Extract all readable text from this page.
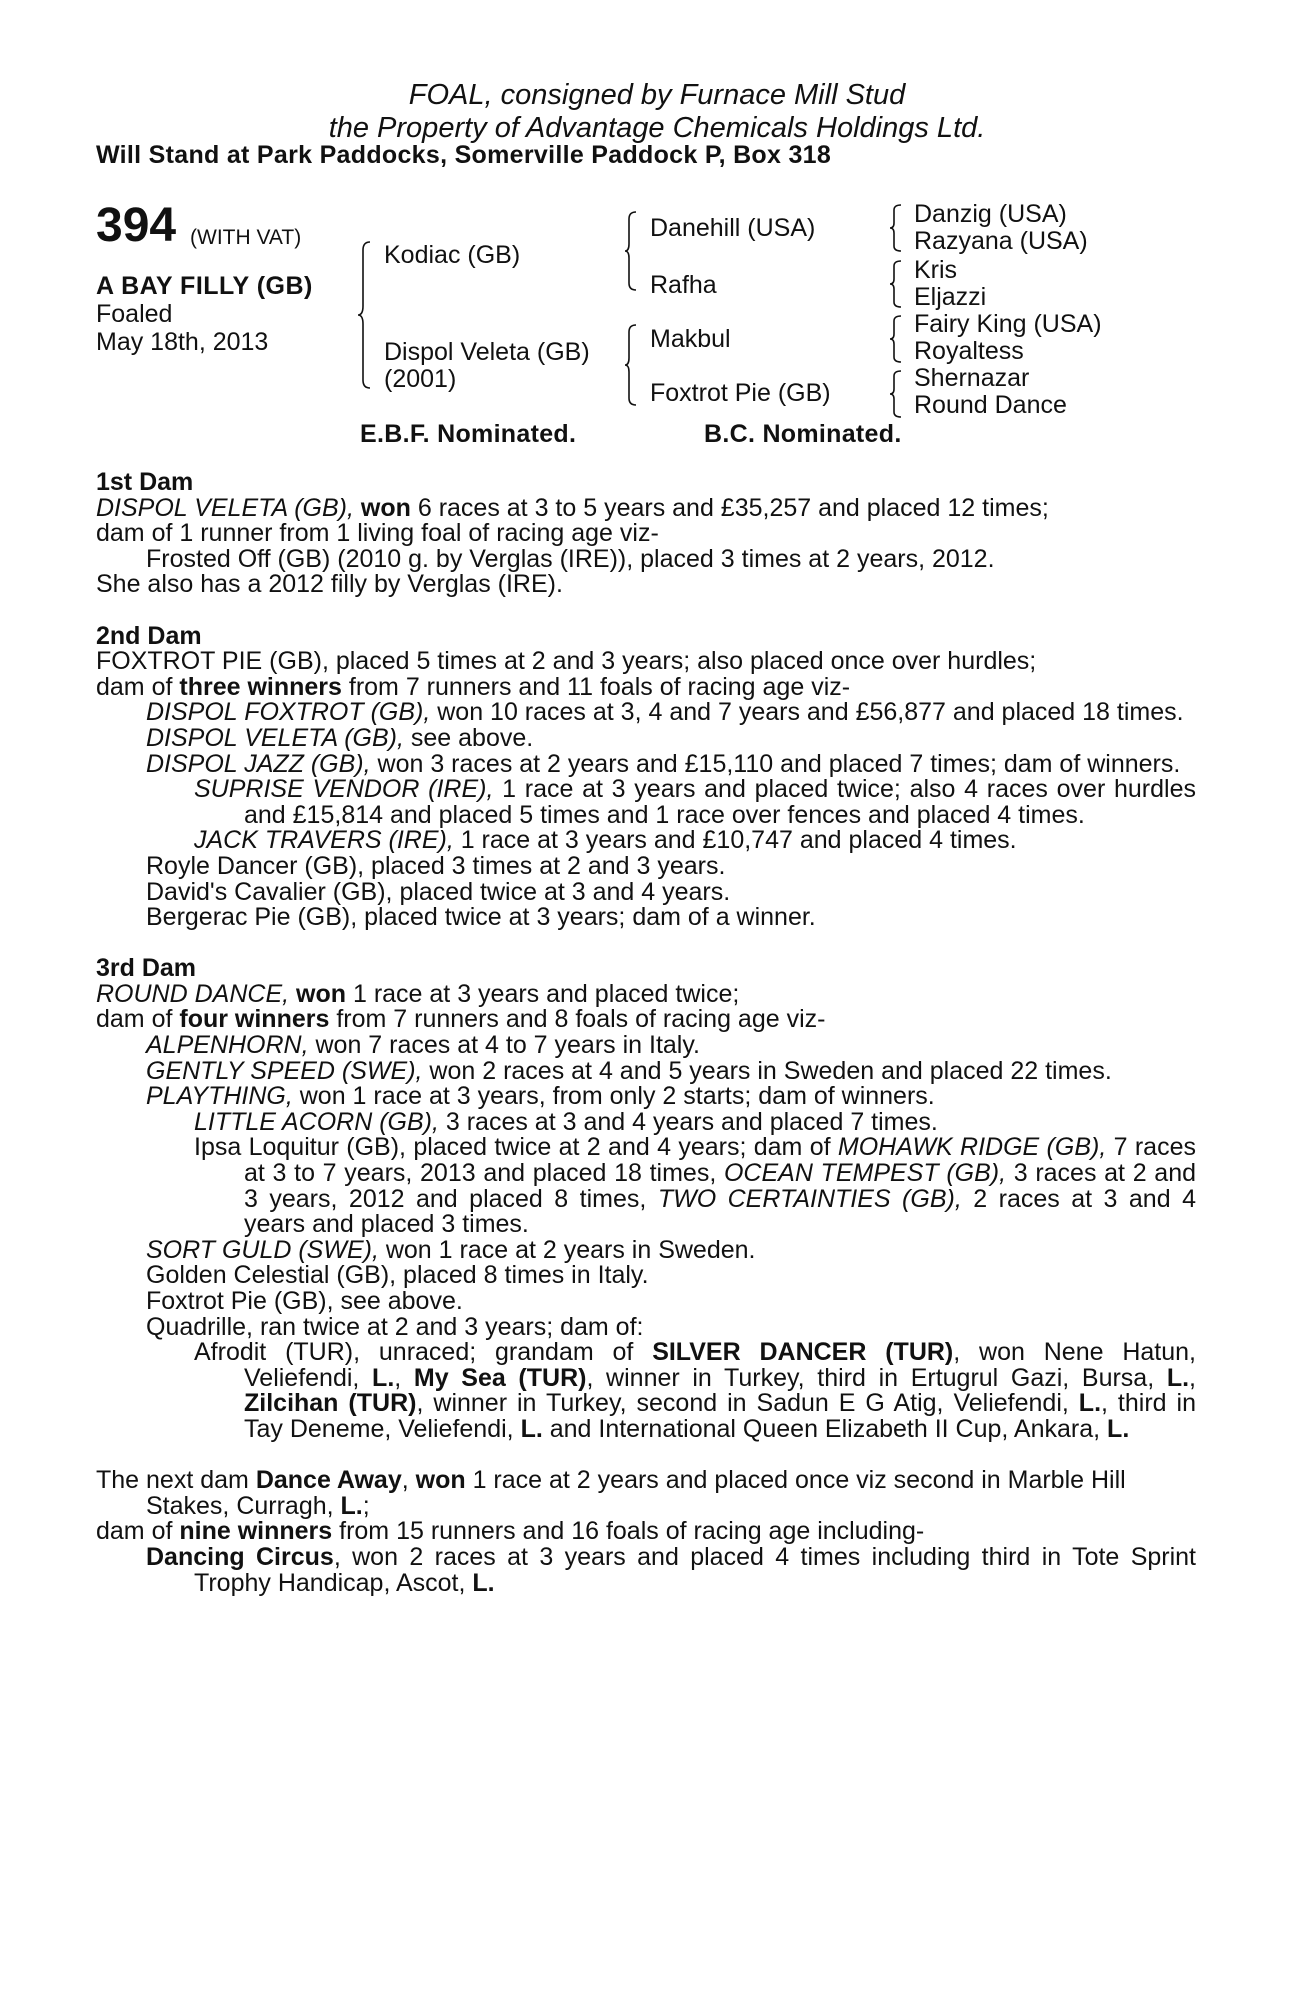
FOAL, consigned by Furnace Mill Stud
the Property of Advantage Chemicals Holdings Ltd.
Will Stand at Park Paddocks, Somerville Paddock P, Box 318
394 (WITH VAT)
A BAY FILLY (GB)
Foaled
May 18th, 2013
Kodiac (GB)
Dispol Veleta (GB)
(2001)
Danehill (USA)
Rafha
Makbul
Foxtrot Pie (GB)
Danzig (USA)
Razyana (USA)
Kris
Eljazzi
Fairy King (USA)
Royaltess
Shernazar
Round Dance
E.B.F. Nominated.	B.C. Nominated.

1st Dam

DISPOL VELETA (GB), won 6 races at 3 to 5 years and £35,257 and placed 12 times;

dam of 1 runner from 1 living foal of racing age viz-

Frosted Off (GB) (2010 g. by Verglas (IRE)), placed 3 times at 2 years, 2012.

She also has a 2012 filly by Verglas (IRE).

2nd Dam

FOXTROT PIE (GB), placed 5 times at 2 and 3 years; also placed once over hurdles;

dam of three winners from 7 runners and 11 foals of racing age viz-

DISPOL FOXTROT (GB), won 10 races at 3, 4 and 7 years and £56,877 and placed 18 times.

DISPOL VELETA (GB), see above.

DISPOL JAZZ (GB), won 3 races at 2 years and £15,110 and placed 7 times; dam of winners.

SUPRISE VENDOR (IRE), 1 race at 3 years and placed twice; also 4 races over hurdles and £15,814 and placed 5 times and 1 race over fences and placed 4 times.

JACK TRAVERS (IRE), 1 race at 3 years and £10,747 and placed 4 times.

Royle Dancer (GB), placed 3 times at 2 and 3 years.

David's Cavalier (GB), placed twice at 3 and 4 years.

Bergerac Pie (GB), placed twice at 3 years; dam of a winner.

3rd Dam

ROUND DANCE, won 1 race at 3 years and placed twice;

dam of four winners from 7 runners and 8 foals of racing age viz-

ALPENHORN, won 7 races at 4 to 7 years in Italy.

GENTLY SPEED (SWE), won 2 races at 4 and 5 years in Sweden and placed 22 times.

PLAYTHING, won 1 race at 3 years, from only 2 starts; dam of winners.

LITTLE ACORN (GB), 3 races at 3 and 4 years and placed 7 times.

Ipsa Loquitur (GB), placed twice at 2 and 4 years; dam of MOHAWK RIDGE (GB), 7 races at 3 to 7 years, 2013 and placed 18 times, OCEAN TEMPEST (GB), 3 races at 2 and 3 years, 2012 and placed 8 times, TWO CERTAINTIES (GB), 2 races at 3 and 4 years and placed 3 times.

SORT GULD (SWE), won 1 race at 2 years in Sweden.

Golden Celestial (GB), placed 8 times in Italy.

Foxtrot Pie (GB), see above.

Quadrille, ran twice at 2 and 3 years; dam of:

Afrodit (TUR), unraced; grandam of SILVER DANCER (TUR), won Nene Hatun, Veliefendi, L., My Sea (TUR), winner in Turkey, third in Ertugrul Gazi, Bursa, L., Zilcihan (TUR), winner in Turkey, second in Sadun E G Atig, Veliefendi, L., third in Tay Deneme, Veliefendi, L. and International Queen Elizabeth II Cup, Ankara, L.

The next dam Dance Away, won 1 race at 2 years and placed once viz second in Marble Hill Stakes, Curragh, L.;

dam of nine winners from 15 runners and 16 foals of racing age including-

Dancing Circus, won 2 races at 3 years and placed 4 times including third in Tote Sprint Trophy Handicap, Ascot, L.
